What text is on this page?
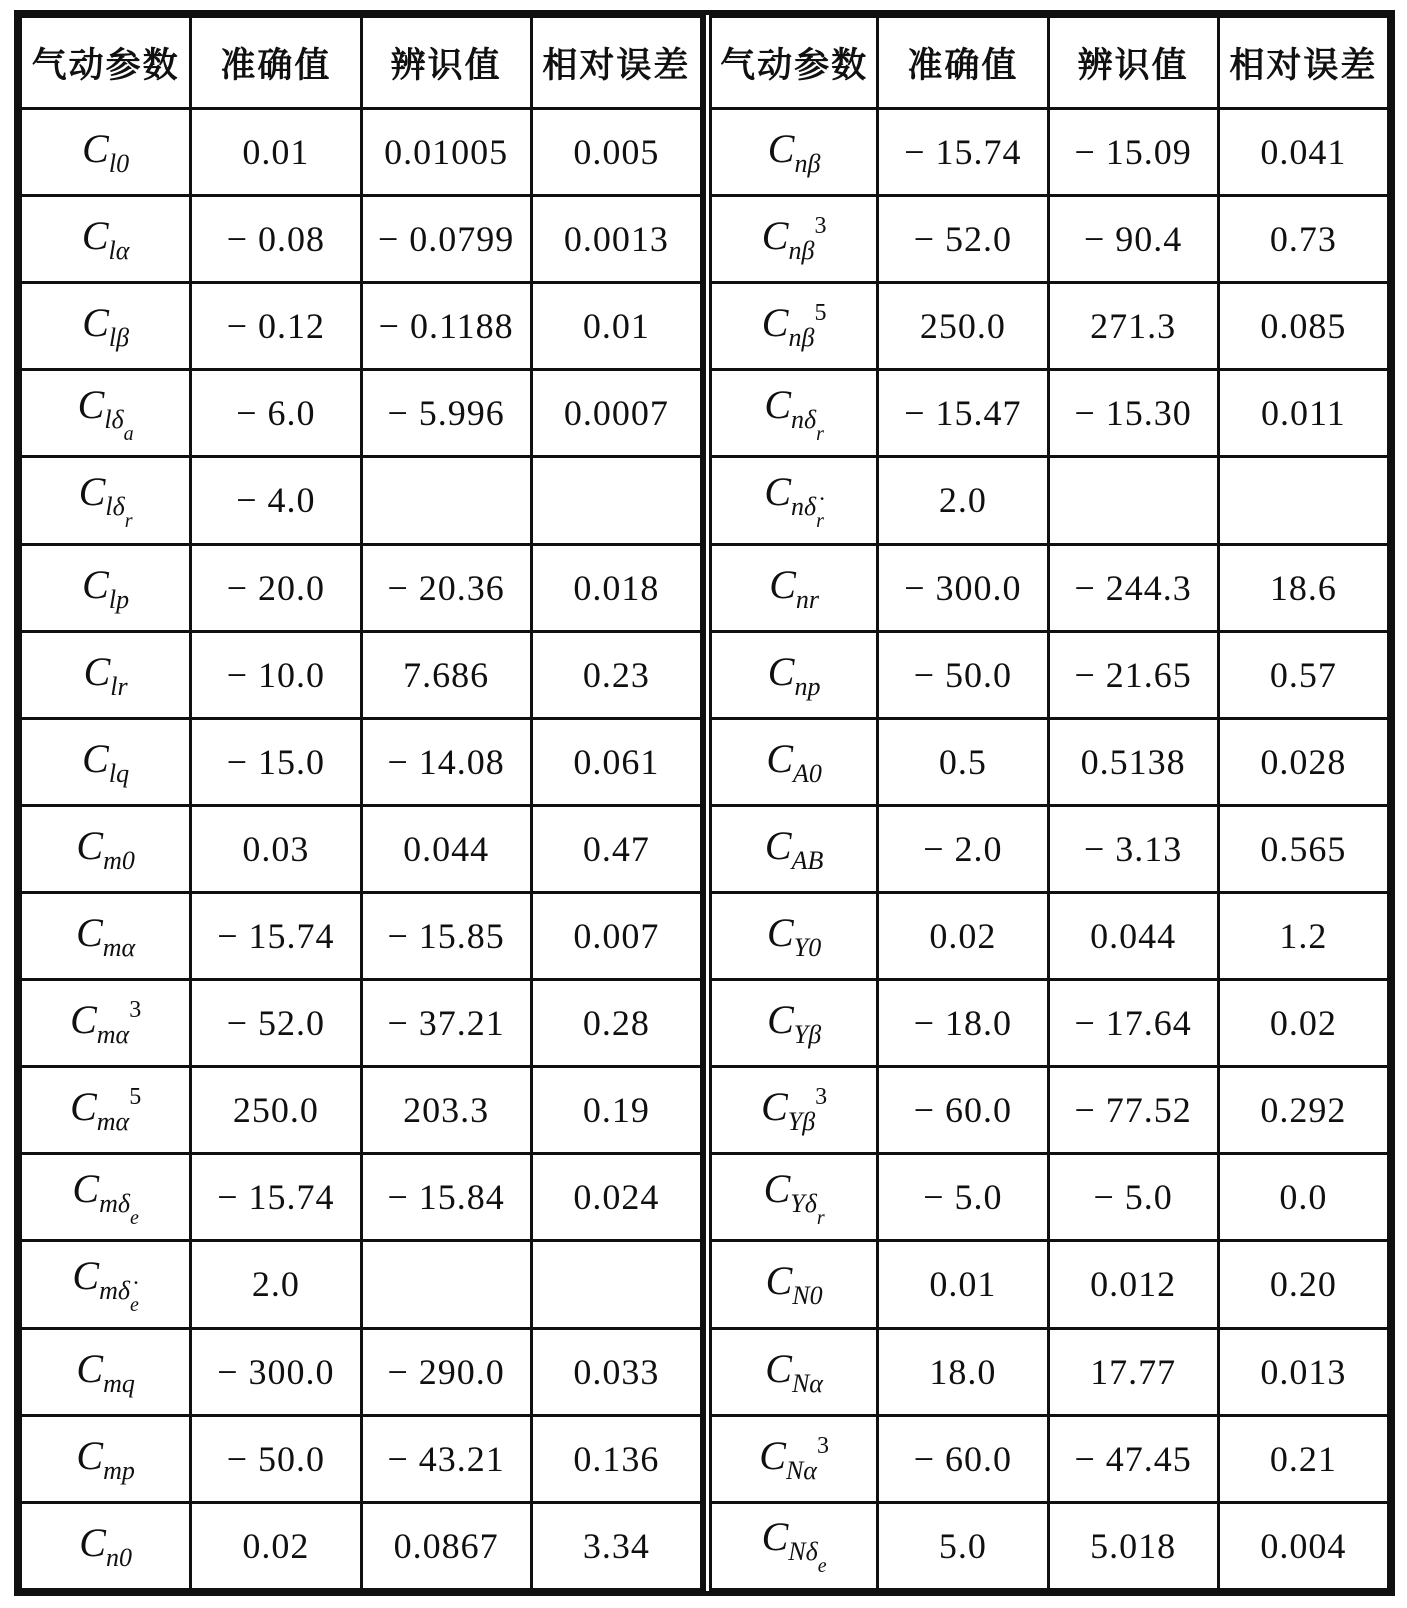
气动参数	准确值	辨识值	相对误差
$C_{l0}$	0.01	0.01005	0.005
$C_{l\alpha}$	− 0.08	− 0.0799	0.0013
$C_{l\beta}$	− 0.12	− 0.1188	0.01
$C_{l\delta_a}$	− 6.0	− 5.996	0.0007
$C_{l\delta_r}$	− 4.0		
$C_{lp}$	− 20.0	− 20.36	0.018
$C_{lr}$	− 10.0	7.686	0.23
$C_{lq}$	− 15.0	− 14.08	0.061
$C_{m0}$	0.03	0.044	0.47
$C_{m\alpha}$	− 15.74	− 15.85	0.007
$C_{m\alpha}^3$	− 52.0	− 37.21	0.28
$C_{m\alpha}^5$	250.0	203.3	0.19
$C_{m\delta_e}$	− 15.74	− 15.84	0.024
$C_{m\deltȧ_e}$	2.0		
$C_{mq}$	− 300.0	− 290.0	0.033
$C_{mp}$	− 50.0	− 43.21	0.136
$C_{n0}$	0.02	0.0867	3.34
气动参数	准确值	辨识值	相对误差
$C_{n\beta}$	− 15.74	− 15.09	0.041
$C_{n\beta}^3$	− 52.0	− 90.4	0.73
$C_{n\beta}^5$	250.0	271.3	0.085
$C_{n\delta_r}$	− 15.47	− 15.30	0.011
$C_{n\deltȧ_r}$	2.0		
$C_{nr}$	− 300.0	− 244.3	18.6
$C_{np}$	− 50.0	− 21.65	0.57
$C_{A0}$	0.5	0.5138	0.028
$C_{AB}$	− 2.0	− 3.13	0.565
$C_{Y0}$	0.02	0.044	1.2
$C_{Y\beta}$	− 18.0	− 17.64	0.02
$C_{Y\beta}^3$	− 60.0	− 77.52	0.292
$C_{Y\delta_r}$	− 5.0	− 5.0	0.0
$C_{N0}$	0.01	0.012	0.20
$C_{N\alpha}$	18.0	17.77	0.013
$C_{N\alpha}^3$	− 60.0	− 47.45	0.21
$C_{N\delta_e}$	5.0	5.018	0.004
